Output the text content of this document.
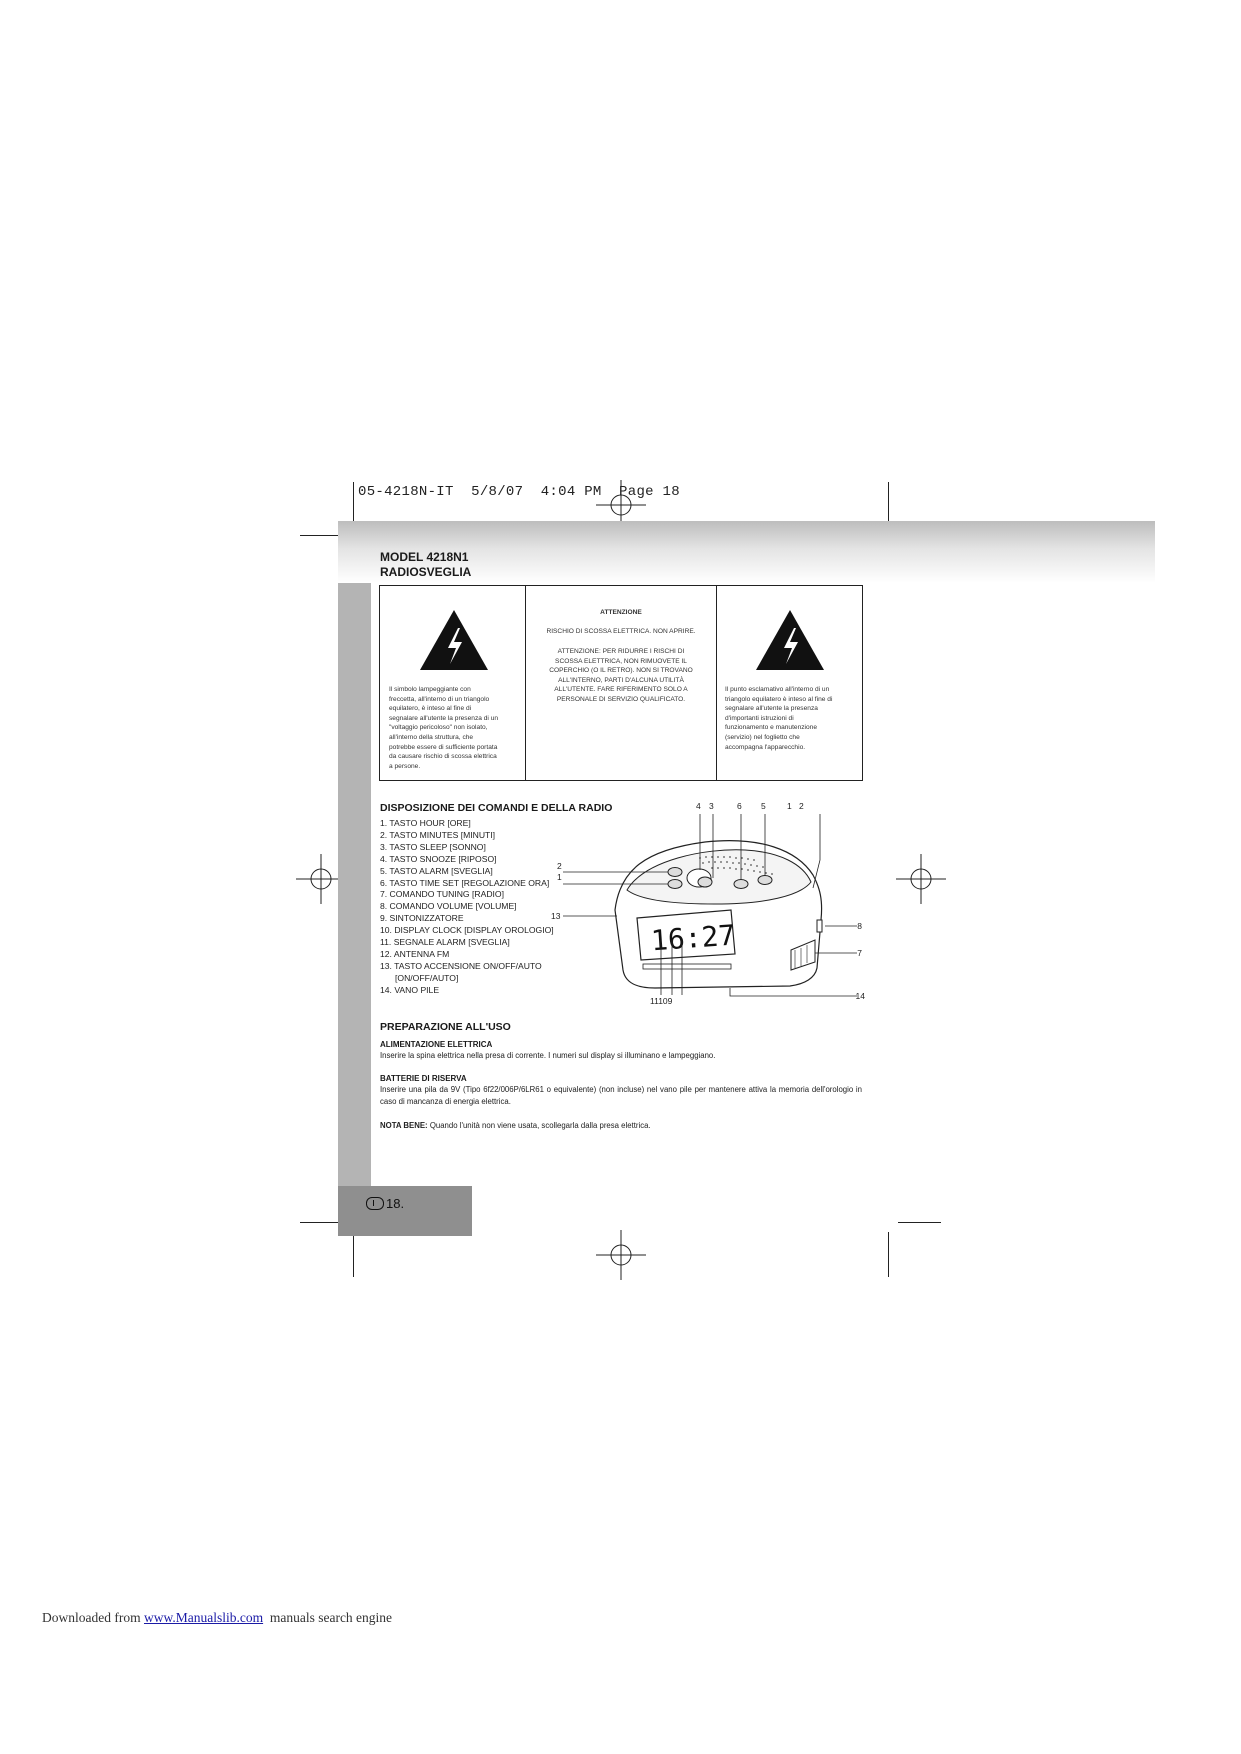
05-4218N-IT  5/8/07  4:04 PM  Page 18
18.
MODEL 4218N1
RADIOSVEGLIA
Il simbolo lampeggiante con
freccetta, all'interno di un triangolo
equilatero, è inteso al fine di
segnalare all'utente la presenza di un
"voltaggio pericoloso" non isolato,
all'interno della struttura, che
potrebbe essere di sufficiente portata
da causare rischio di scossa elettrica
a persone.
ATTENZIONE
RISCHIO DI SCOSSA ELETTRICA. NON APRIRE.
ATTENZIONE: PER RIDURRE I RISCHI DI
SCOSSA ELETTRICA, NON RIMUOVETE IL
COPERCHIO (O IL RETRO). NON SI TROVANO
ALL'INTERNO, PARTI D'ALCUNA UTILITÀ
ALL'UTENTE. FARE RIFERIMENTO SOLO A
PERSONALE DI SERVIZIO QUALIFICATO.
Il punto esclamativo all'interno di un
triangolo equilatero è inteso al fine di
segnalare all'utente la presenza
d'importanti istruzioni di
funzionamento e manutenzione
(servizio) nel foglietto che
accompagna l'apparecchio.
DISPOSIZIONE DEI COMANDI E DELLA RADIO
1. TASTO HOUR [ORE]
2. TASTO MINUTES [MINUTI]
3. TASTO SLEEP [SONNO]
4. TASTO SNOOZE [RIPOSO]
5. TASTO ALARM [SVEGLIA]
6. TASTO TIME SET [REGOLAZIONE ORA]
7. COMANDO TUNING [RADIO]
8. COMANDO VOLUME [VOLUME]
9. SINTONIZZATORE
10. DISPLAY CLOCK [DISPLAY OROLOGIO]
11. SEGNALE ALARM [SVEGLIA]
12. ANTENNA FM
13. TASTO ACCENSIONE ON/OFF/AUTO
[ON/OFF/AUTO]
14. VANO PILE
16:27
4 3	6 5	1 2
2
1
13
8
7
14
11109
PREPARAZIONE ALL'USO
ALIMENTAZIONE ELETTRICA
Inserire la spina elettrica nella presa di corrente. I numeri sul display si illuminano e lampeggiano.
BATTERIE DI RISERVA
Inserire una pila da 9V (Tipo 6f22/006P/6LR61 o equivalente) (non incluse) nel vano pile per mantenere attiva la memoria dell'orologio in caso di mancanza di energia elettrica.
NOTA BENE: Quando l'unità non viene usata, scollegarla dalla presa elettrica.
Downloaded from www.Manualslib.com  manuals search engine
